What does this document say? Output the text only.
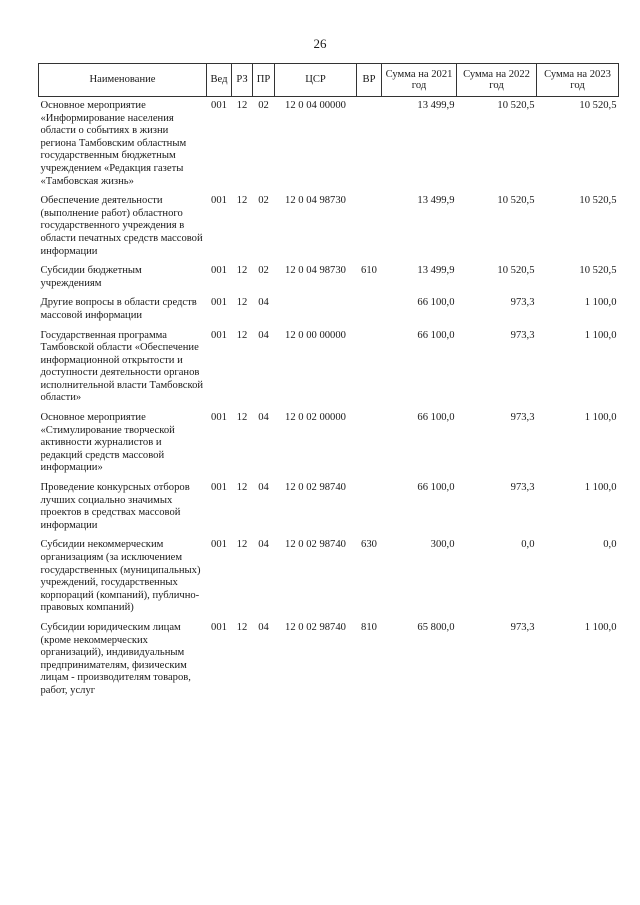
26
Наименование	Вед	РЗ	ПР	ЦСР	ВР	Сумма на 2021 год	Сумма на 2022 год	Сумма на 2023 год
Основное мероприятие «Информирование населения области о событиях в жизни региона Тамбовским областным государственным бюджетным учреждением «Редакция газеты «Тамбовская жизнь»	001	12	02	12 0 04 00000		13 499,9	10 520,5	10 520,5
Обеспечение деятельности (выполнение работ) областного государственного учреждения в области печатных средств массовой информации	001	12	02	12 0 04 98730		13 499,9	10 520,5	10 520,5
Субсидии бюджетным учреждениям	001	12	02	12 0 04 98730	610	13 499,9	10 520,5	10 520,5
Другие вопросы в области средств массовой информации	001	12	04			66 100,0	973,3	1 100,0
Государственная программа Тамбовской области «Обеспечение информационной открытости и доступности деятельности органов исполнительной власти Тамбовской области»	001	12	04	12 0 00 00000		66 100,0	973,3	1 100,0
Основное мероприятие «Стимулирование творческой активности журналистов и редакций средств массовой информации»	001	12	04	12 0 02 00000		66 100,0	973,3	1 100,0
Проведение конкурсных отборов лучших социально значимых проектов в средствах массовой информации	001	12	04	12 0 02 98740		66 100,0	973,3	1 100,0
Субсидии некоммерческим организациям (за исключением государственных (муниципальных) учреждений, государственных корпораций (компаний), публично-правовых компаний)	001	12	04	12 0 02 98740	630	300,0	0,0	0,0
Субсидии юридическим лицам (кроме некоммерческих организаций), индивидуальным предпринимателям, физическим лицам - производителям товаров, работ, услуг	001	12	04	12 0 02 98740	810	65 800,0	973,3	1 100,0
